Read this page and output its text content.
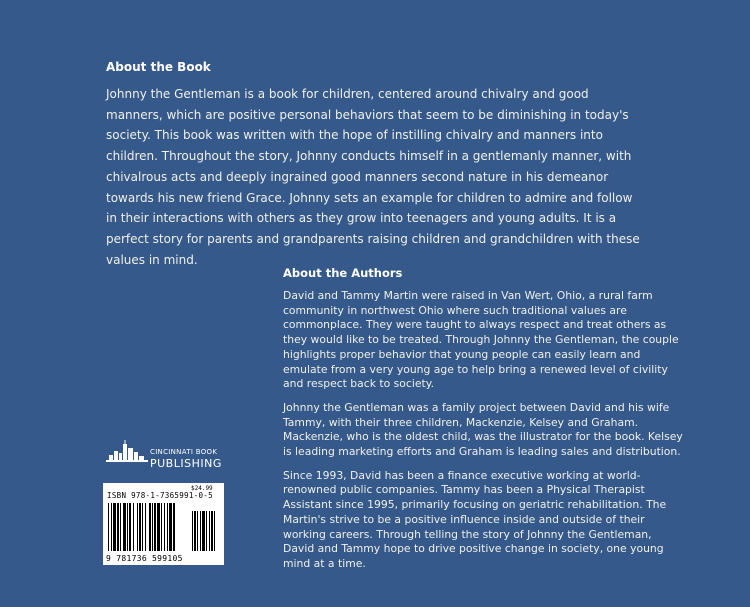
About the Book

Johnny the Gentleman is a book for children, centered around chivalry and good manners, which are positive personal behaviors that seem to be diminishing in today's society. This book was written with the hope of instilling chivalry and manners into children. Throughout the story, Johnny conducts himself in a gentlemanly manner, with chivalrous acts and deeply ingrained good manners second nature in his demeanor towards his new friend Grace. Johnny sets an example for children to admire and follow in their interactions with others as they grow into teenagers and young adults. It is a perfect story for parents and grandparents raising children and grandchildren with these values in mind.

About the Authors

David and Tammy Martin were raised in Van Wert, Ohio, a rural farm community in northwest Ohio where such traditional values are commonplace. They were taught to always respect and treat others as they would like to be treated. Through Johnny the Gentleman, the couple highlights proper behavior that young people can easily learn and emulate from a very young age to help bring a renewed level of civility and respect back to society.

Johnny the Gentleman was a family project between David and his wife Tammy, with their three children, Mackenzie, Kelsey and Graham. Mackenzie, who is the oldest child, was the illustrator for the book. Kelsey is leading marketing efforts and Graham is leading sales and distribution.

Since 1993, David has been a finance executive working at world-renowned public companies. Tammy has been a Physical Therapist Assistant since 1995, primarily focusing on geriatric rehabilitation. The Martin's strive to be a positive influence inside and outside of their working careers. Through telling the story of Johnny the Gentleman, David and Tammy hope to drive positive change in society, one young mind at a time.

CINCINNATI BOOK
PUBLISHING
$24.99
ISBN 978-1-7365991-0-5
9 781736 599105
